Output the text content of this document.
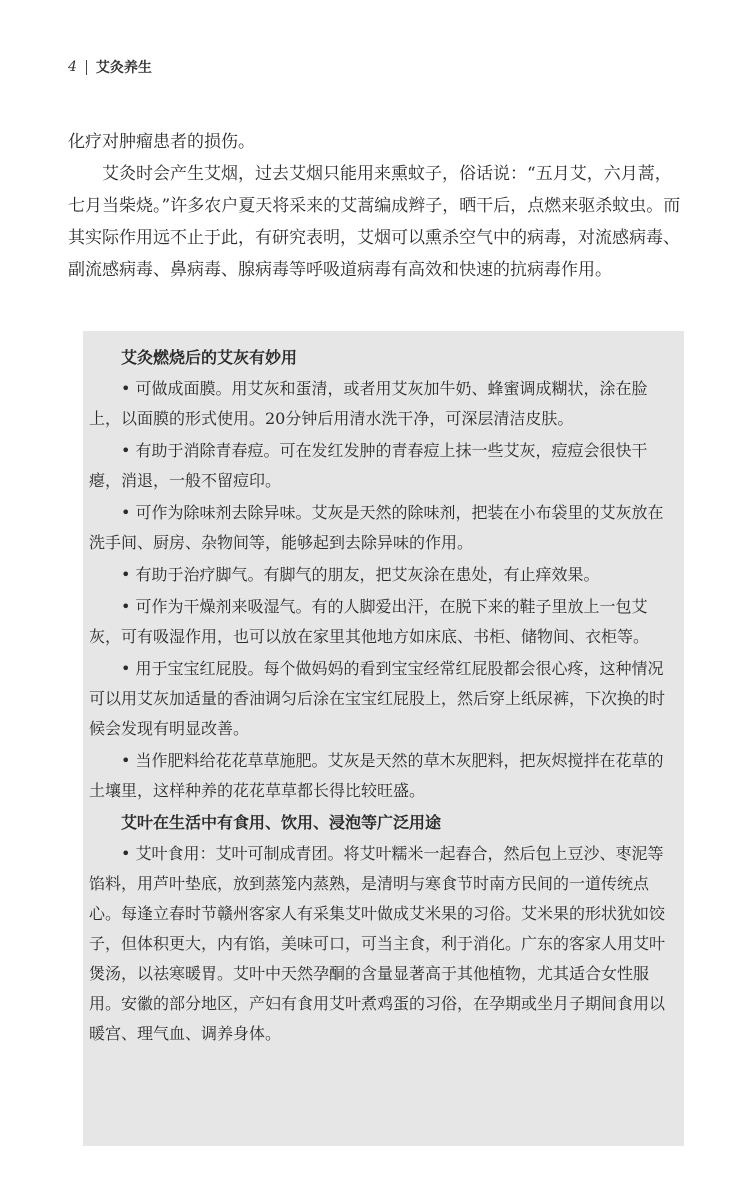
4 艾灸养生

化疗对肿瘤患者的损伤。

艾灸时会产生艾烟，过去艾烟只能用来熏蚊子，俗话说：“五月艾，六月蒿，七月当柴烧。”许多农户夏天将采来的艾蒿编成辫子，晒干后，点燃来驱杀蚊虫。而其实际作用远不止于此，有研究表明，艾烟可以熏杀空气中的病毒，对流感病毒、副流感病毒、鼻病毒、腺病毒等呼吸道病毒有高效和快速的抗病毒作用。

艾灸燃烧后的艾灰有妙用

• 可做成面膜。用艾灰和蛋清，或者用艾灰加牛奶、蜂蜜调成糊状，涂在脸上，以面膜的形式使用。20分钟后用清水洗干净，可深层清洁皮肤。

• 有助于消除青春痘。可在发红发肿的青春痘上抹一些艾灰，痘痘会很快干瘪，消退，一般不留痘印。

• 可作为除味剂去除异味。艾灰是天然的除味剂，把装在小布袋里的艾灰放在洗手间、厨房、杂物间等，能够起到去除异味的作用。

• 有助于治疗脚气。有脚气的朋友，把艾灰涂在患处，有止痒效果。

• 可作为干燥剂来吸湿气。有的人脚爱出汗，在脱下来的鞋子里放上一包艾灰，可有吸湿作用，也可以放在家里其他地方如床底、书柜、储物间、衣柜等。

• 用于宝宝红屁股。每个做妈妈的看到宝宝经常红屁股都会很心疼，这种情况可以用艾灰加适量的香油调匀后涂在宝宝红屁股上，然后穿上纸尿裤，下次换的时候会发现有明显改善。

• 当作肥料给花花草草施肥。艾灰是天然的草木灰肥料，把灰烬搅拌在花草的土壤里，这样种养的花花草草都长得比较旺盛。

艾叶在生活中有食用、饮用、浸泡等广泛用途

• 艾叶食用：艾叶可制成青团。将艾叶糯米一起舂合，然后包上豆沙、枣泥等馅料，用芦叶垫底，放到蒸笼内蒸熟，是清明与寒食节时南方民间的一道传统点心。每逢立春时节赣州客家人有采集艾叶做成艾米果的习俗。艾米果的形状犹如饺子，但体积更大，内有馅，美味可口，可当主食，利于消化。广东的客家人用艾叶煲汤，以祛寒暖胃。艾叶中天然孕酮的含量显著高于其他植物，尤其适合女性服用。安徽的部分地区，产妇有食用艾叶煮鸡蛋的习俗，在孕期或坐月子期间食用以暖宫、理气血、调养身体。
